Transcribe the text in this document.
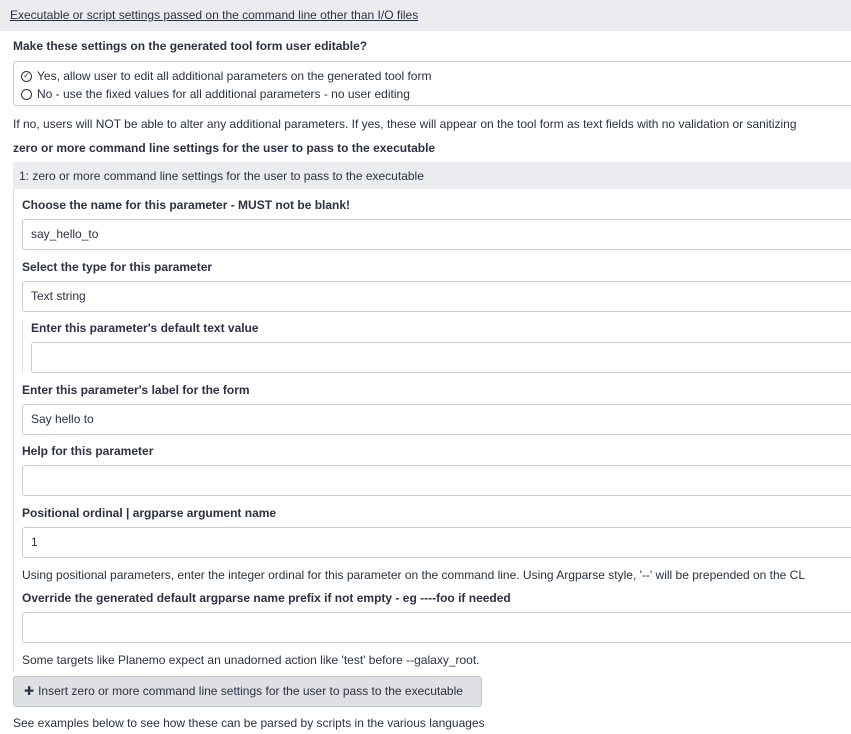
Executable or script settings passed on the command line other than I/O files
Make these settings on the generated tool form user editable?
✓ Yes, allow user to edit all additional parameters on the generated tool form
No - use the fixed values for all additional parameters - no user editing
If no, users will NOT be able to alter any additional parameters. If yes, these will appear on the tool form as text fields with no validation or sanitizing
zero or more command line settings for the user to pass to the executable
1: zero or more command line settings for the user to pass to the executable
Choose the name for this parameter - MUST not be blank!
say_hello_to
Select the type for this parameter
Text string
Enter this parameter's default text value
Enter this parameter's label for the form
Say hello to
Help for this parameter
Positional ordinal | argparse argument name
1
Using positional parameters, enter the integer ordinal for this parameter on the command line. Using Argparse style, '--' will be prepended on the CL
Override the generated default argparse name prefix if not empty - eg ----foo if needed
Some targets like Planemo expect an unadorned action like 'test' before --galaxy_root.
✚ Insert zero or more command line settings for the user to pass to the executable
See examples below to see how these can be parsed by scripts in the various languages
